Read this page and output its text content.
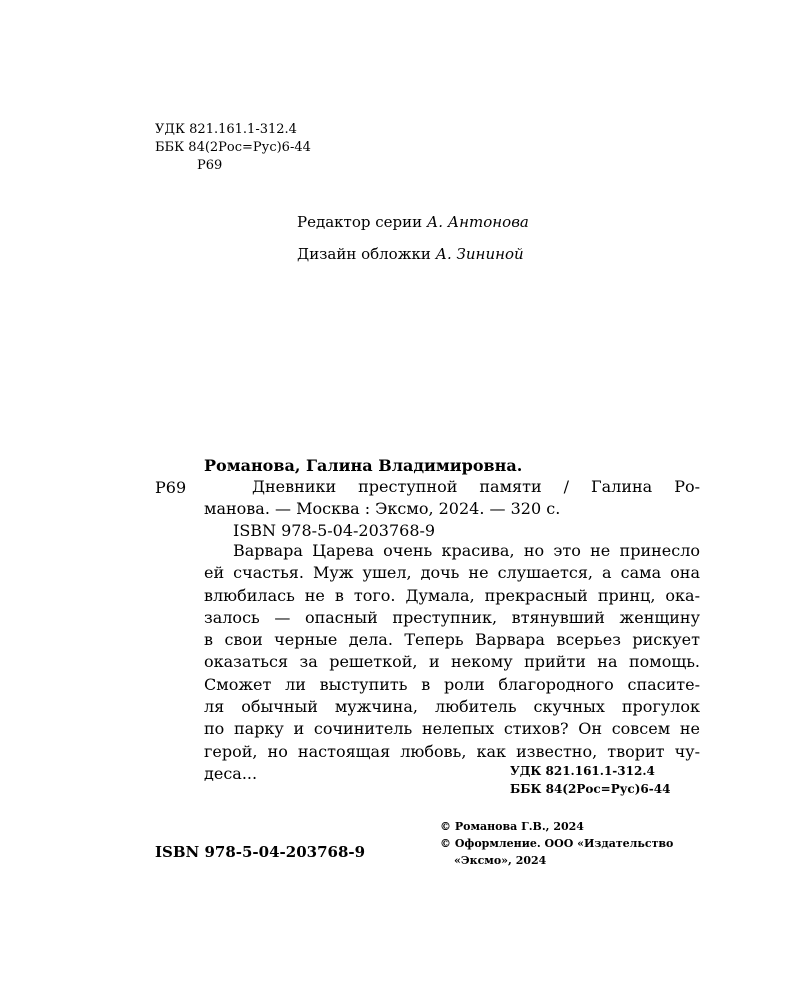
УДК 821.161.1-312.4
ББК 84(2Рос=Рус)6-44
Р69
Редактор серии А. Антонова
Дизайн обложки А. Зининой
Романова, Галина Владимировна.
Р69	Дневники преступной памяти / Галина Ро-
манова. — Москва : Эксмо, 2024. — 320 с.
ISBN 978-5-04-203768-9
Варвара Царева очень красива, но это не принесло
ей счастья. Муж ушел, дочь не слушается, а сама она
влюбилась не в того. Думала, прекрасный принц, ока-
залось — опасный преступник, втянувший женщину
в свои черные дела. Теперь Варвара всерьез рискует
оказаться за решеткой, и некому прийти на помощь.
Сможет ли выступить в роли благородного спасите-
ля обычный мужчина, любитель скучных прогулок
по парку и сочинитель нелепых стихов? Он совсем не
герой, но настоящая любовь, как известно, творит чу-
деса...	УДК 821.161.1-312.4
ББК 84(2Рос=Рус)6-44
© Романова Г.В., 2024
© Оформление. ООО «Издательство
«Эксмо», 2024
ISBN 978-5-04-203768-9
